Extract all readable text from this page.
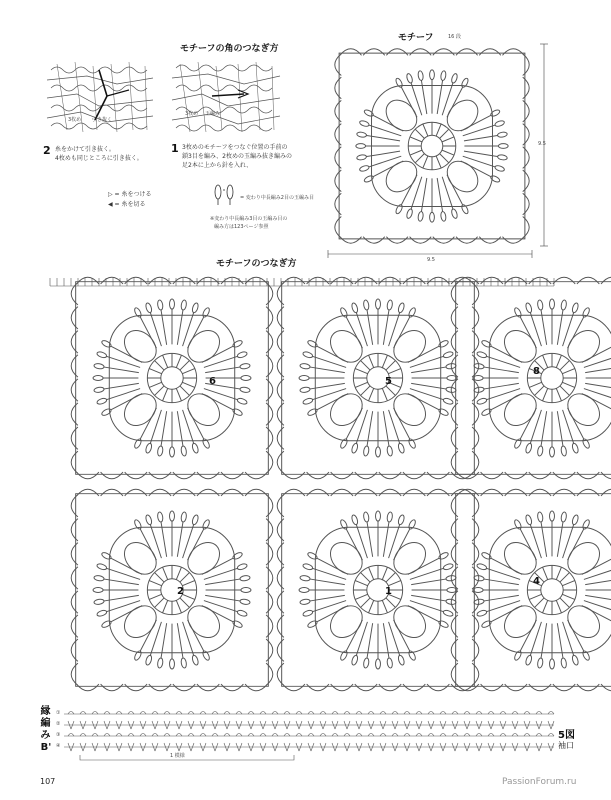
モチーフの角のつなぎ方
3枚め 引き抜く
2 糸をかけて引き抜く。
4枚めも同じところに引き抜く。
3枚め 玉編み
1 3枚めのモチーフをつなぐ位置の手前の
鎖3目を編み、2枚めの玉編み抜き編みの
足2本に上から針を入れ、
▷ = 糸をつける
◀ = 糸を切る
= 変わり中長編み2目の玉編み目
※変わり中長編み3目の玉編み目の
編み方は123ページ参照
モチーフ	16 段
9.5
9.5
モチーフのつなぎ方
6	5
8
2	1
4
縁
編
み
B'
①
②
③
④
1 模様
5図
袖口
107	PassionForum.ru
